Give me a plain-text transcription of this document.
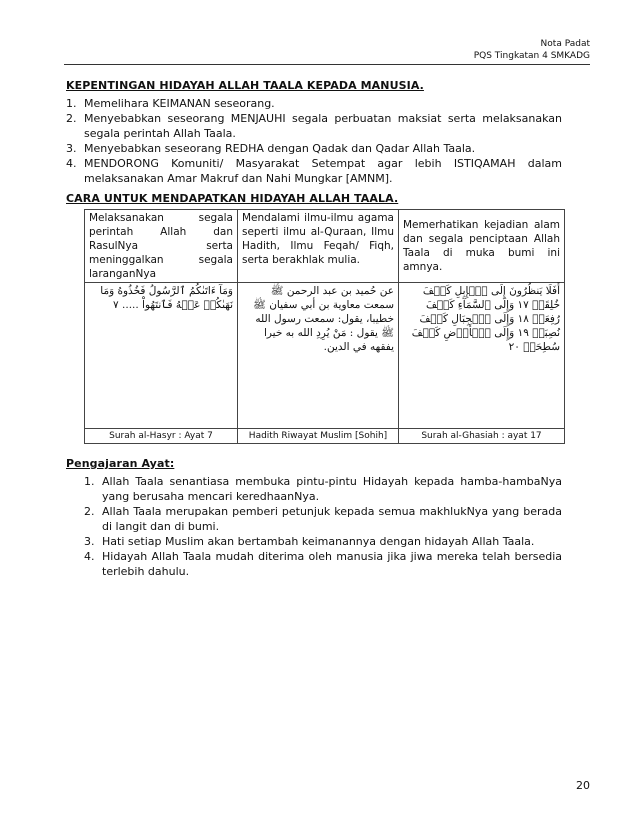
Nota Padat
PQS Tingkatan 4 SMKADG
KEPENTINGAN HIDAYAH ALLAH TAALA KEPADA MANUSIA.
1. Memelihara KEIMANAN seseorang.
2. Menyebabkan seseorang MENJAUHI segala perbuatan maksiat serta melaksanakan segala perintah Allah Taala.
3. Menyebabkan seseorang REDHA dengan Qadak dan Qadar Allah Taala.
4. MENDORONG Komuniti/ Masyarakat Setempat agar lebih ISTIQAMAH dalam melaksanakan Amar Makruf dan Nahi Mungkar [AMNM].
CARA UNTUK MENDAPATKAN HIDAYAH ALLAH TAALA.
Melaksanakan segala perintah Allah dan RasulNya serta meninggalkan segala laranganNya	Mendalami ilmu-ilmu agama seperti ilmu al-Quraan, Ilmu Hadith, Ilmu Feqah/ Fiqh, serta berakhlak mulia.	Memerhatikan kejadian alam dan segala penciptaan Allah Taala di muka bumi ini amnya.
وَمَآ ءَاتَىٰكُمُ ٱلرَّسُولُ فَخُذُوهُ وَمَا نَهَىٰكُمۡ عَنۡهُ فَٱنتَهُواْ ..... ٧	عن حُميد بن عبد الرحمن ﷺ سمعت معاوية بن أبي سفيان ﷺ خطيبا، يقول: سمعت رسول الله ﷺ يقول : مَنْ يُرِدِ الله به خيرا يفقهه في الدين.	أَفَلَا يَنظُرُونَ إِلَى ٱلۡإِبِلِ كَيۡفَ خُلِقَتۡ ١٧ وَإِلَى ٱلسَّمَآءِ كَيۡفَ رُفِعَتۡ ١٨ وَإِلَى ٱلۡجِبَالِ كَيۡفَ نُصِبَتۡ ١٩ وَإِلَى ٱلۡأَرۡضِ كَيۡفَ سُطِحَتۡ ٢٠
Surah al-Hasyr : Ayat 7	Hadith Riwayat Muslim [Sohih]	Surah al-Ghasiah : ayat 17
Pengajaran Ayat:
1. Allah Taala senantiasa membuka pintu-pintu Hidayah kepada hamba-hambaNya yang berusaha mencari keredhaanNya.
2. Allah Taala merupakan pemberi petunjuk kepada semua makhlukNya yang berada di langit dan di bumi.
3. Hati setiap Muslim akan bertambah keimanannya dengan hidayah Allah Taala.
4. Hidayah Allah Taala mudah diterima oleh manusia jika jiwa mereka telah bersedia terlebih dahulu.
20
